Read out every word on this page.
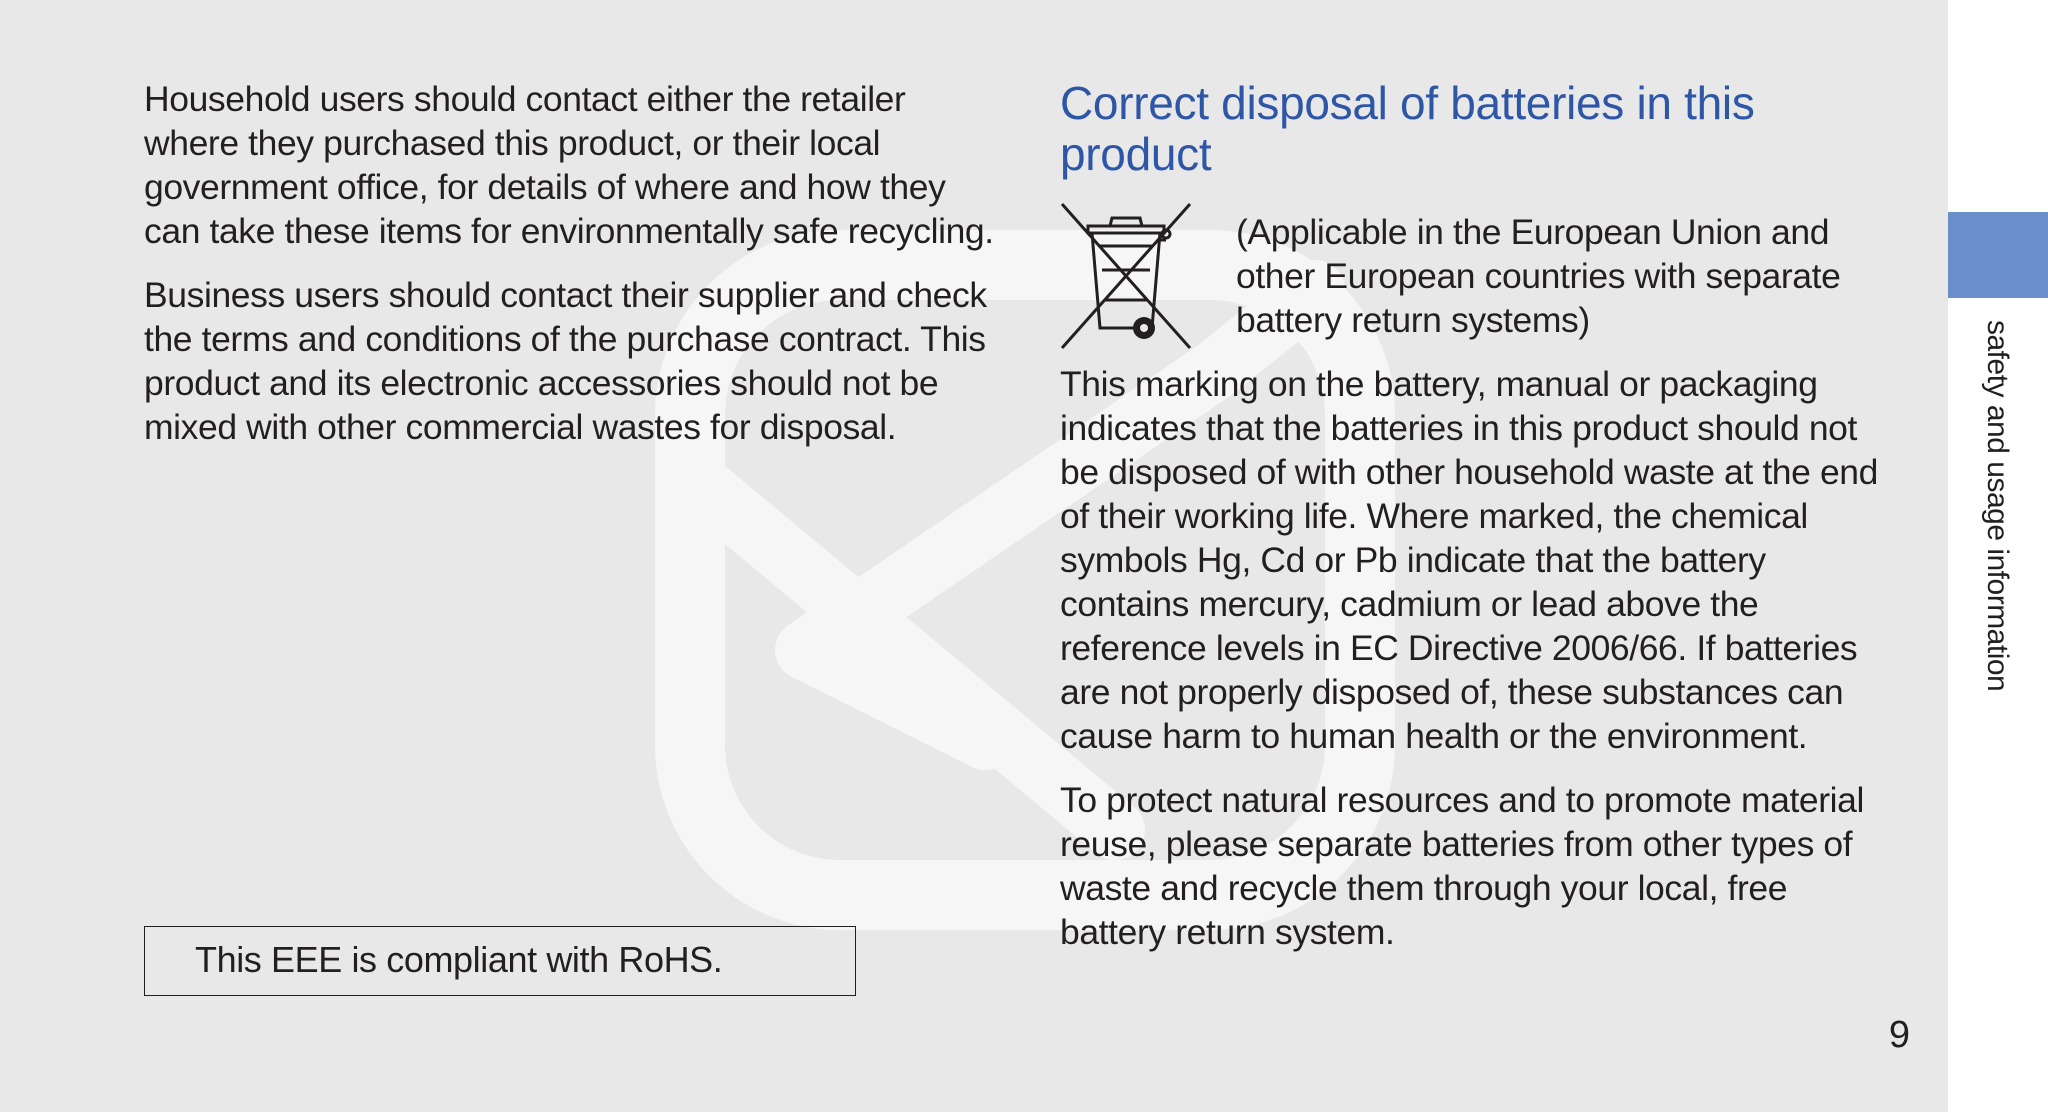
Household users should contact either the retailer where they purchased this product, or their local government office, for details of where and how they can take these items for environmentally safe recycling.

Business users should contact their supplier and check the terms and conditions of the purchase contract. This product and its electronic accessories should not be mixed with other commercial wastes for disposal.

This EEE is compliant with RoHS.
Correct disposal of batteries in this product

(Applicable in the European Union and other European countries with separate battery return systems)

This marking on the battery, manual or packaging indicates that the batteries in this product should not be disposed of with other household waste at the end of their working life. Where marked, the chemical symbols Hg, Cd or Pb indicate that the battery contains mercury, cadmium or lead above the reference levels in EC Directive 2006/66. If batteries are not properly disposed of, these substances can cause harm to human health or the environment.

To protect natural resources and to promote material reuse, please separate batteries from other types of waste and recycle them through your local, free battery return system.

9
safety and usage information
